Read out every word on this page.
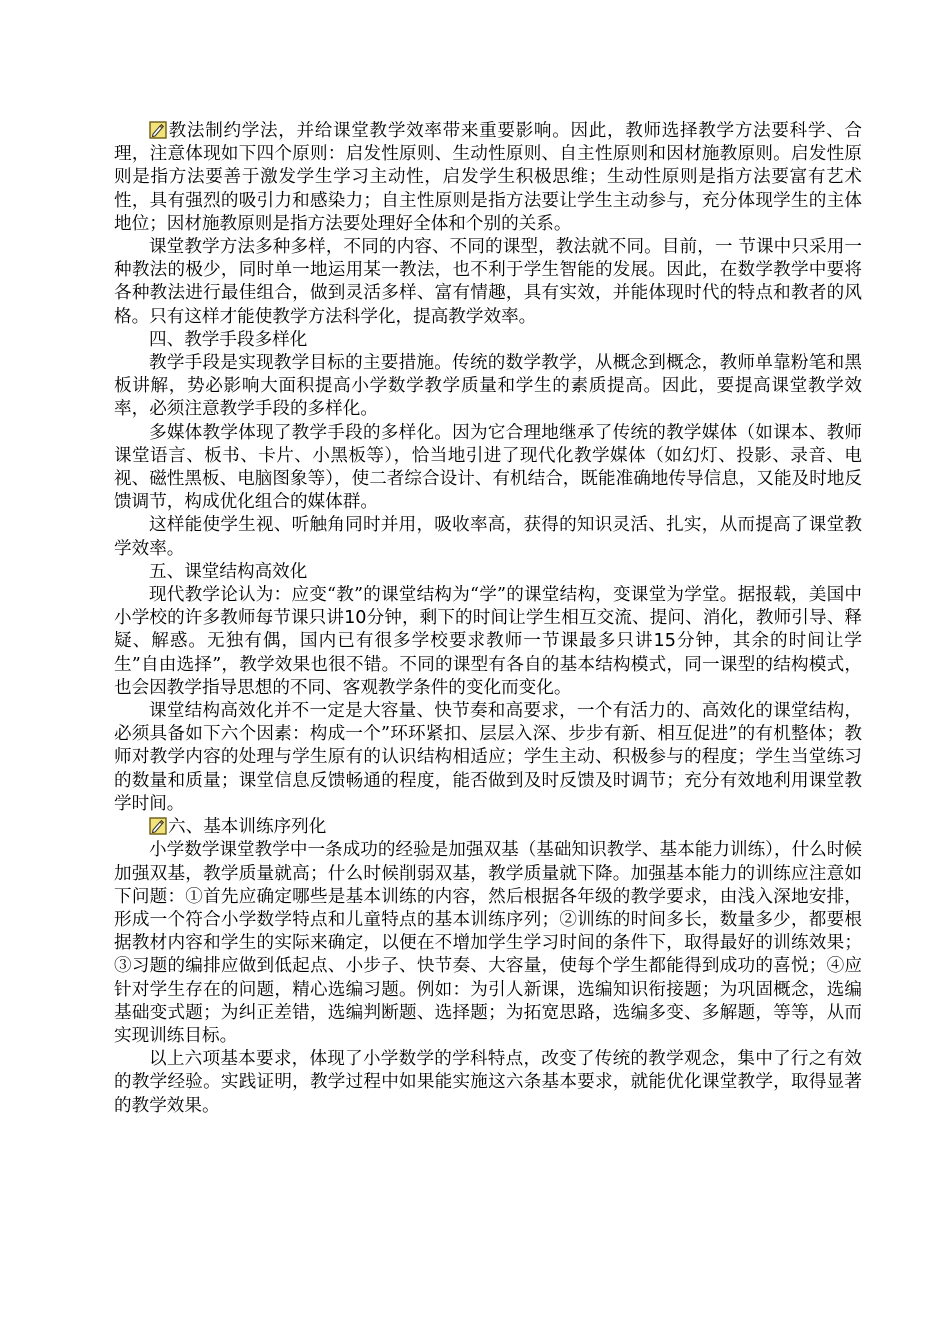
教法制约学法，并给课堂教学效率带来重要影响。因此，教师选择教学方法要科学、合理，注意体现如下四个原则：启发性原则、生动性原则、自主性原则和因材施教原则。启发性原则是指方法要善于激发学生学习主动性，启发学生积极思维；生动性原则是指方法要富有艺术性，具有强烈的吸引力和感染力；自主性原则是指方法要让学生主动参与，充分体现学生的主体地位；因材施教原则是指方法要处理好全体和个别的关系。

课堂教学方法多种多样，不同的内容、不同的课型，教法就不同。目前，一 节课中只采用一种教法的极少，同时单一地运用某一教法，也不利于学生智能的发展。因此，在数学教学中要将各种教法进行最佳组合，做到灵活多样、富有情趣，具有实效，并能体现时代的特点和教者的风格。只有这样才能使教学方法科学化，提高教学效率。

四、教学手段多样化

教学手段是实现教学目标的主要措施。传统的数学教学，从概念到概念，教师单靠粉笔和黑板讲解，势必影响大面积提高小学数学教学质量和学生的素质提高。因此，要提高课堂教学效率，必须注意教学手段的多样化。

多媒体教学体现了教学手段的多样化。因为它合理地继承了传统的教学媒体（如课本、教师课堂语言、板书、卡片、小黑板等），恰当地引进了现代化教学媒体（如幻灯、投影、录音、电视、磁性黑板、电脑图象等），使二者综合设计、有机结合，既能准确地传导信息，又能及时地反馈调节，构成优化组合的媒体群。

这样能使学生视、听触角同时并用，吸收率高，获得的知识灵活、扎实，从而提高了课堂教学效率。

五、课堂结构高效化

现代教学论认为：应变“教”的课堂结构为“学”的课堂结构，变课堂为学堂。据报载，美国中小学校的许多教师每节课只讲10分钟，剩下的时间让学生相互交流、提问、消化，教师引导、释疑、解惑。无独有偶，国内已有很多学校要求教师一节课最多只讲15分钟，其余的时间让学生”自由选择”，教学效果也很不错。不同的课型有各自的基本结构模式，同一课型的结构模式，也会因教学指导思想的不同、客观教学条件的变化而变化。

课堂结构高效化并不一定是大容量、快节奏和高要求，一个有活力的、高效化的课堂结构，必须具备如下六个因素：构成一个”环环紧扣、层层入深、步步有新、相互促进”的有机整体；教师对教学内容的处理与学生原有的认识结构相适应；学生主动、积极参与的程度；学生当堂练习的数量和质量；课堂信息反馈畅通的程度，能否做到及时反馈及时调节；充分有效地利用课堂教学时间。

六、基本训练序列化

小学数学课堂教学中一条成功的经验是加强双基（基础知识教学、基本能力训练），什么时候加强双基，教学质量就高；什么时候削弱双基，教学质量就下降。加强基本能力的训练应注意如下问题：①首先应确定哪些是基本训练的内容，然后根据各年级的教学要求，由浅入深地安排，形成一个符合小学数学特点和儿童特点的基本训练序列；②训练的时间多长，数量多少，都要根据教材内容和学生的实际来确定，以便在不增加学生学习时间的条件下，取得最好的训练效果；③习题的编排应做到低起点、小步子、快节奏、大容量，使每个学生都能得到成功的喜悦；④应针对学生存在的问题，精心选编习题。例如：为引人新课，选编知识衔接题；为巩固概念，选编基础变式题；为纠正差错，选编判断题、选择题；为拓宽思路，选编多变、多解题，等等，从而实现训练目标。

以上六项基本要求，体现了小学数学的学科特点，改变了传统的教学观念，集中了行之有效的教学经验。实践证明，教学过程中如果能实施这六条基本要求，就能优化课堂教学，取得显著的教学效果。
